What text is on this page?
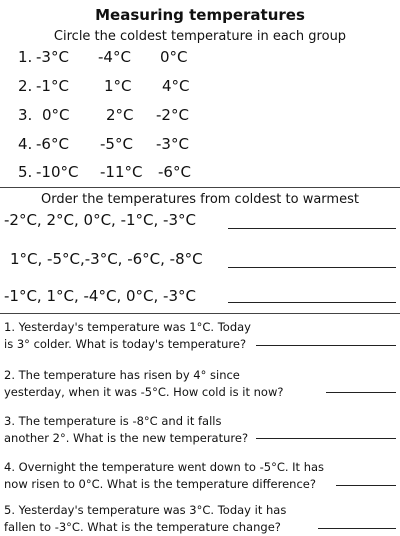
Measuring temperatures
Circle the coldest temperature in each group

1.

-3°C

-4°C

0°C

2.

-1°C

1°C

4°C

3.

0°C

2°C

-2°C

4.

-6°C

-5°C

-3°C

5.

-10°C

-11°C

-6°C

Order the temperatures from coldest to warmest
-2°C, 2°C, 0°C, -1°C, -3°C
1°C, -5°C,-3°C, -6°C, -8°C
-1°C, 1°C, -4°C, 0°C, -3°C
1. Yesterday's temperature was 1°C. Today
is 3° colder. What is today's temperature?
2. The temperature has risen by 4° since
yesterday, when it was -5°C. How cold is it now?
3. The temperature is -8°C and it falls
another 2°. What is the new temperature?
4. Overnight the temperature went down to -5°C. It has
now risen to 0°C. What is the temperature difference?
5. Yesterday's temperature was 3°C. Today it has
fallen to -3°C. What is the temperature change?
